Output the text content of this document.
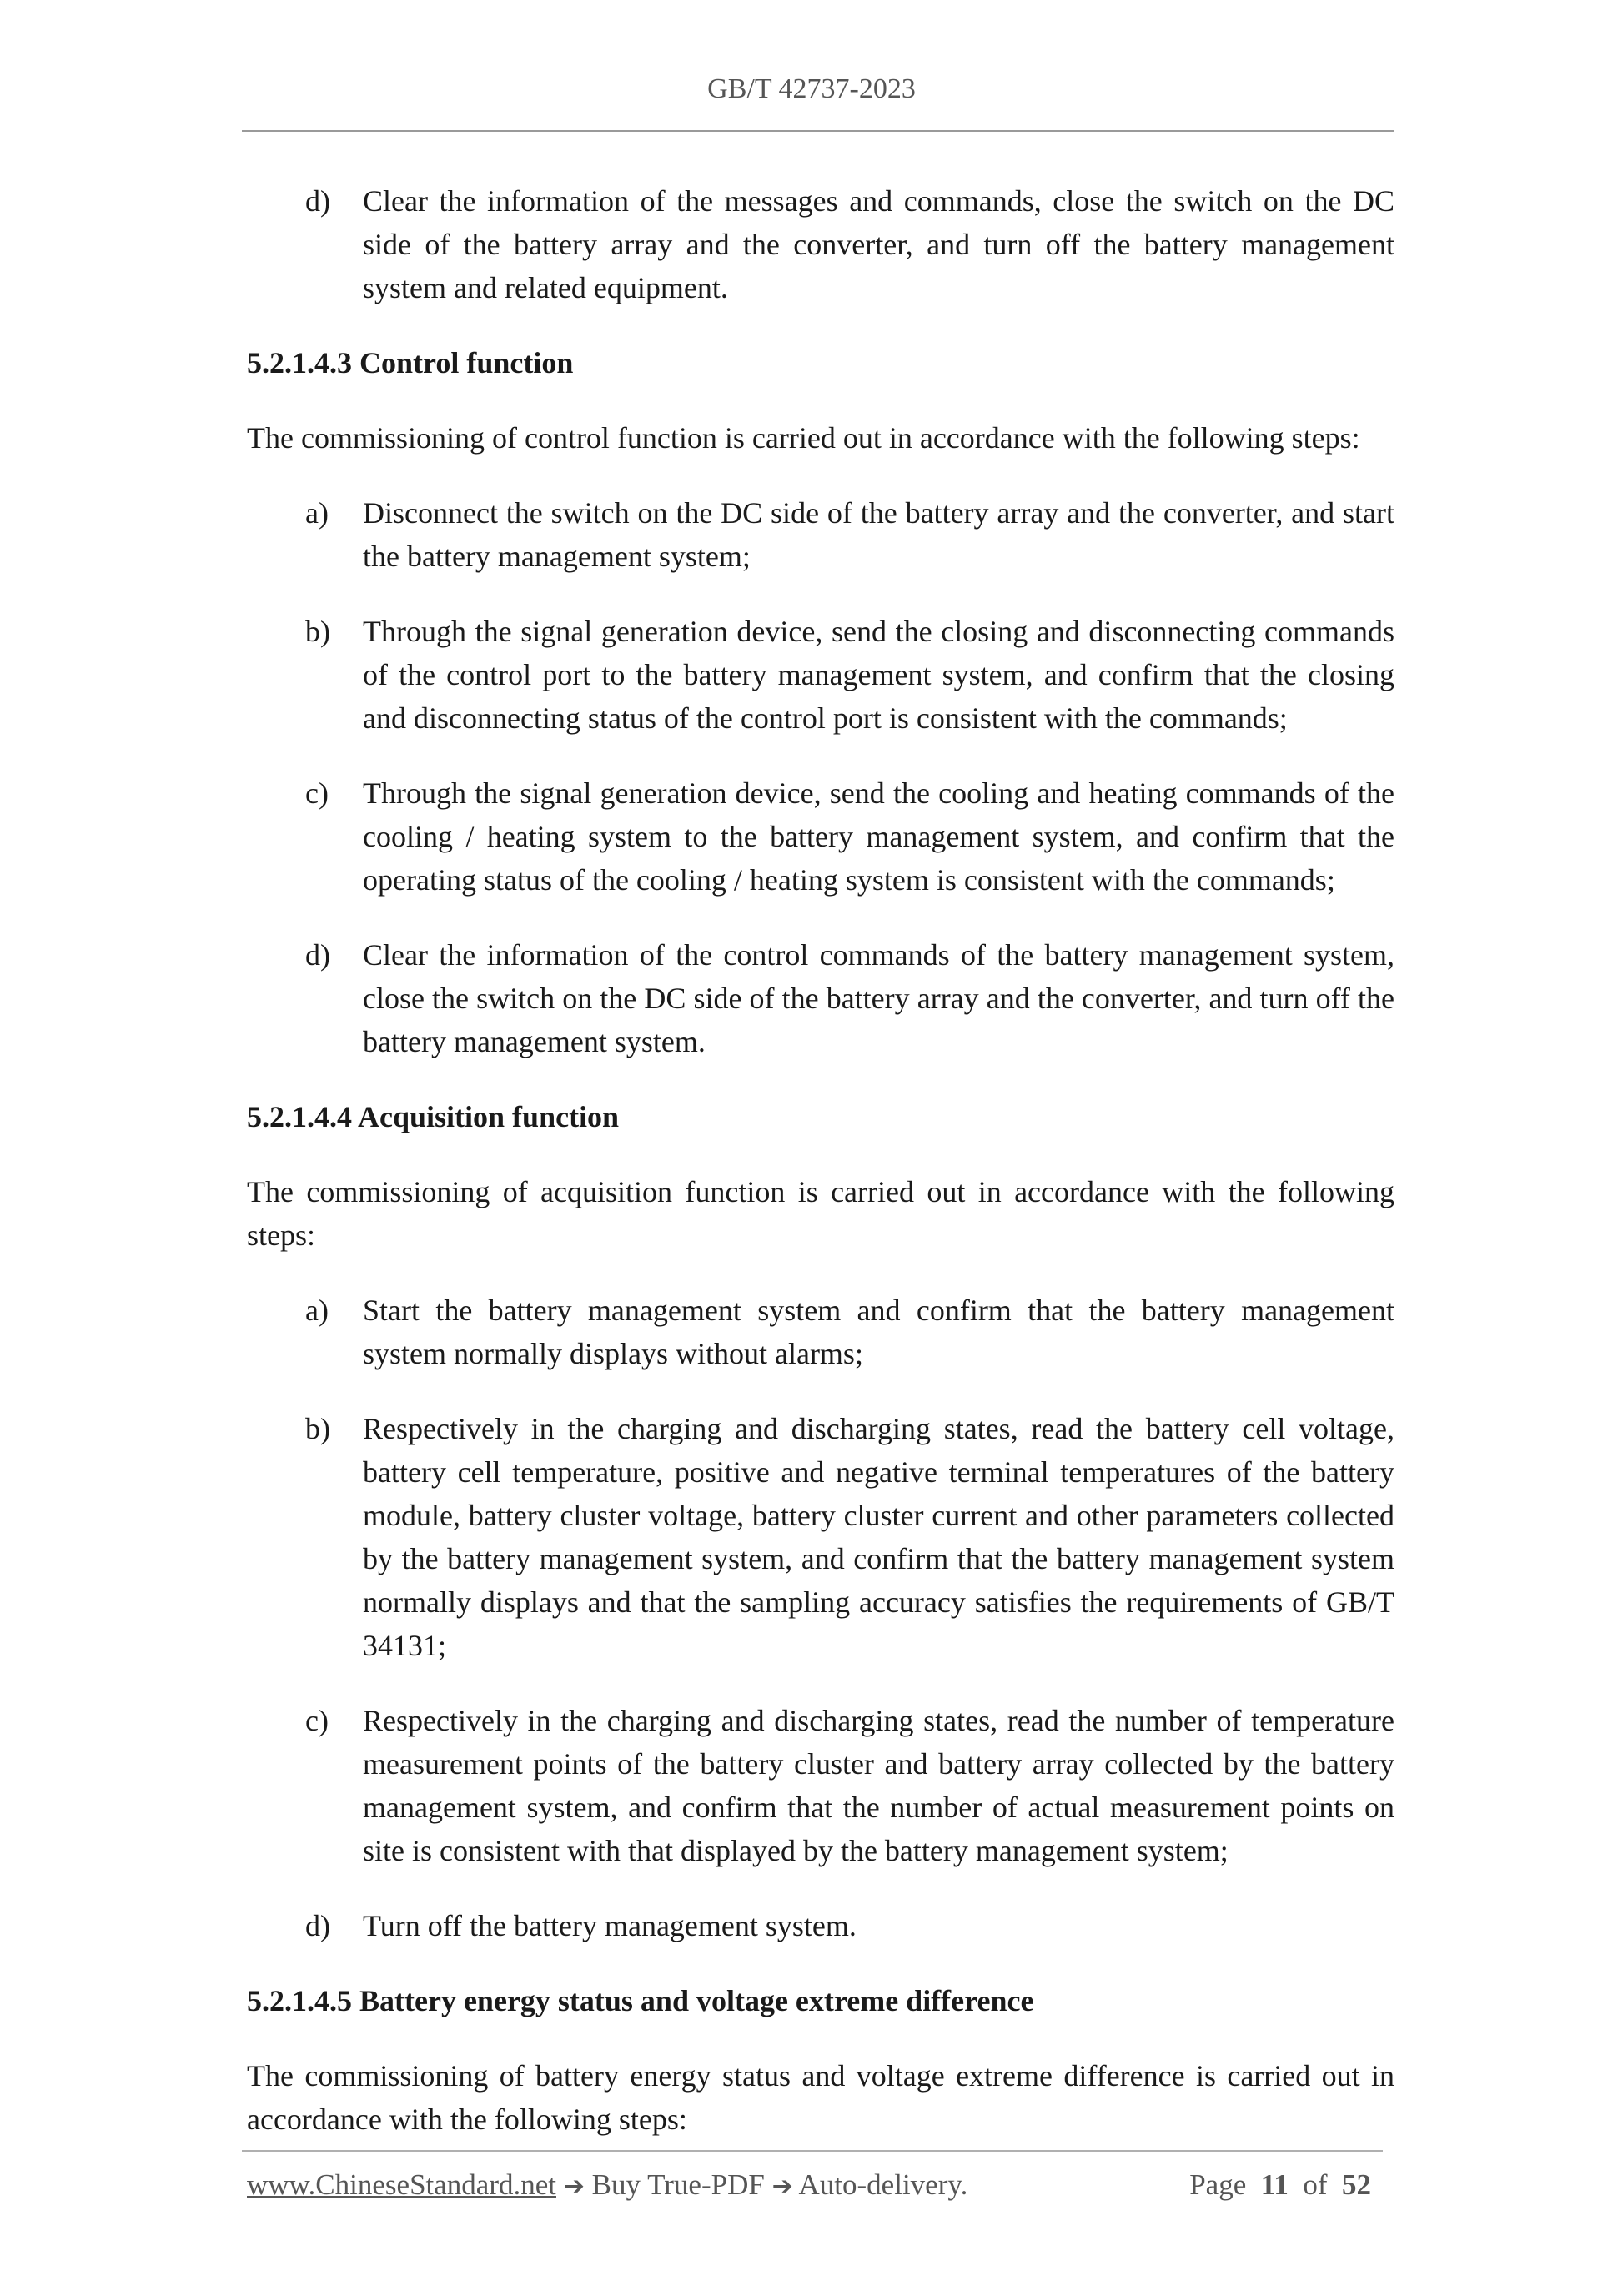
GB/T 42737-2023
d) Clear the information of the messages and commands, close the switch on the DC side of the battery array and the converter, and turn off the battery management system and related equipment.
5.2.1.4.3 Control function
The commissioning of control function is carried out in accordance with the following steps:
a) Disconnect the switch on the DC side of the battery array and the converter, and start the battery management system;
b) Through the signal generation device, send the closing and disconnecting commands of the control port to the battery management system, and confirm that the closing and disconnecting status of the control port is consistent with the commands;
c) Through the signal generation device, send the cooling and heating commands of the cooling / heating system to the battery management system, and confirm that the operating status of the cooling / heating system is consistent with the commands;
d) Clear the information of the control commands of the battery management system, close the switch on the DC side of the battery array and the converter, and turn off the battery management system.
5.2.1.4.4 Acquisition function
The commissioning of acquisition function is carried out in accordance with the following steps:
a) Start the battery management system and confirm that the battery management system normally displays without alarms;
b) Respectively in the charging and discharging states, read the battery cell voltage, battery cell temperature, positive and negative terminal temperatures of the battery module, battery cluster voltage, battery cluster current and other parameters collected by the battery management system, and confirm that the battery management system normally displays and that the sampling accuracy satisfies the requirements of GB/T 34131;
c) Respectively in the charging and discharging states, read the number of temperature measurement points of the battery cluster and battery array collected by the battery management system, and confirm that the number of actual measurement points on site is consistent with that displayed by the battery management system;
d) Turn off the battery management system.
5.2.1.4.5 Battery energy status and voltage extreme difference
The commissioning of battery energy status and voltage extreme difference is carried out in accordance with the following steps:
www.ChineseStandard.net ➔ Buy True-PDF ➔ Auto-delivery.	Page 11 of 52
